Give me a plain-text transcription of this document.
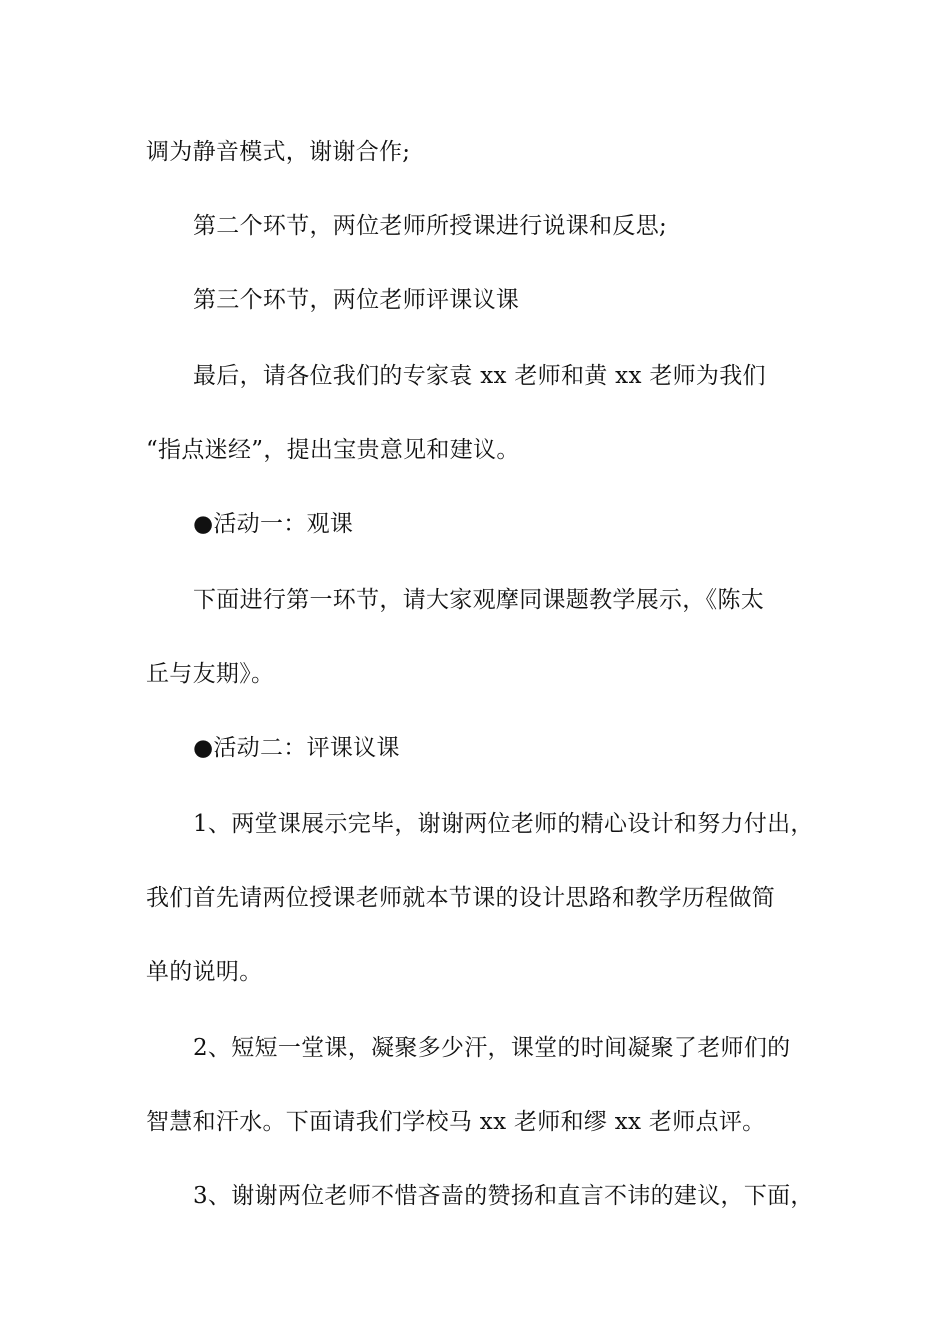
调为静音模式，谢谢合作;
第二个环节，两位老师所授课进行说课和反思;
第三个环节，两位老师评课议课
最后，请各位我们的专家袁 xx 老师和黄 xx 老师为我们
“指点迷经”，提出宝贵意见和建议。
●活动一：观课
下面进行第一环节，请大家观摩同课题教学展示，《陈太
丘与友期》。
●活动二：评课议课
1、两堂课展示完毕，谢谢两位老师的精心设计和努力付出，
我们首先请两位授课老师就本节课的设计思路和教学历程做简
单的说明。
2、短短一堂课，凝聚多少汗，课堂的时间凝聚了老师们的
智慧和汗水。下面请我们学校马 xx 老师和缪 xx 老师点评。
3、谢谢两位老师不惜吝啬的赞扬和直言不讳的建议，下面，
